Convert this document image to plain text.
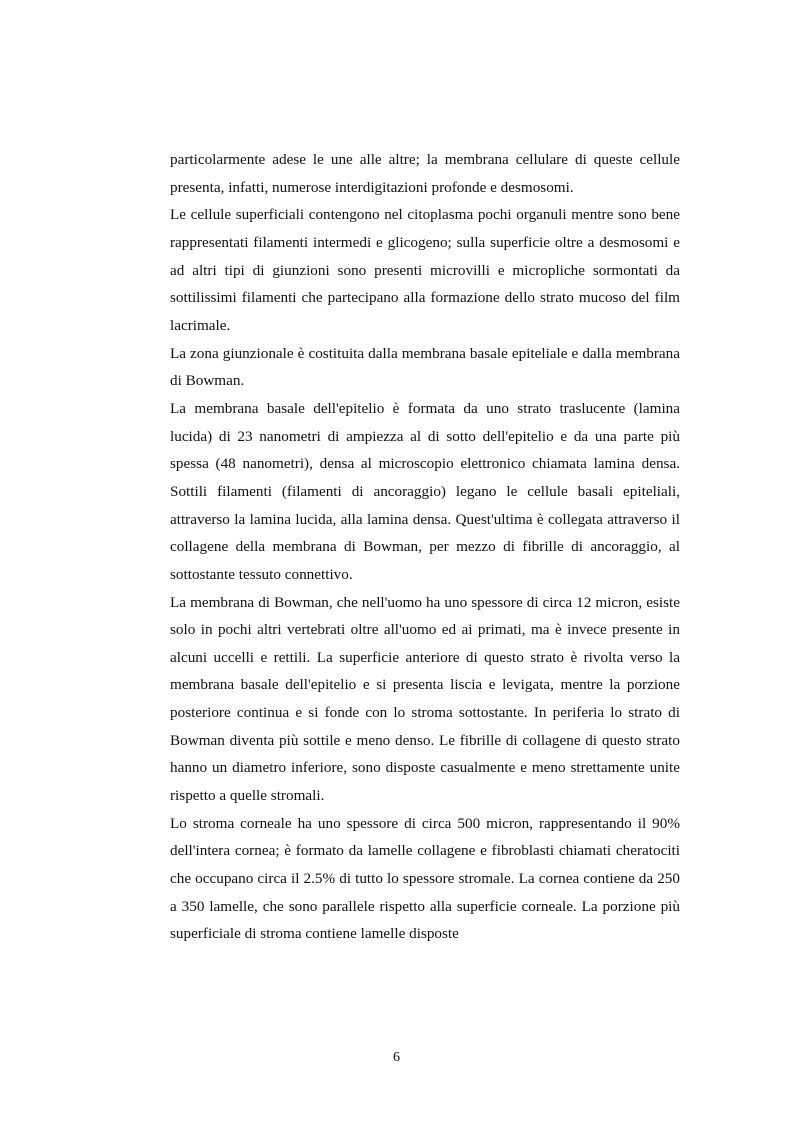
particolarmente adese le une alle altre; la membrana cellulare di queste cellule presenta, infatti, numerose interdigitazioni profonde e desmosomi.

Le cellule superficiali contengono nel citoplasma pochi organuli mentre sono bene rappresentati filamenti intermedi e glicogeno; sulla superficie oltre a desmosomi e ad altri tipi di giunzioni sono presenti microvilli e micropliche sormontati da sottilissimi filamenti che partecipano alla formazione dello strato mucoso del film lacrimale.

La zona giunzionale è costituita dalla membrana basale epiteliale e dalla membrana di Bowman.

La membrana basale dell'epitelio è formata da uno strato traslucente (lamina lucida) di 23 nanometri di ampiezza al di sotto dell'epitelio e da una parte più spessa (48 nanometri), densa al microscopio elettronico chiamata lamina densa. Sottili filamenti (filamenti di ancoraggio) legano le cellule basali epiteliali, attraverso la lamina lucida, alla lamina densa. Quest'ultima è collegata attraverso il collagene della membrana di Bowman, per mezzo di fibrille di ancoraggio, al sottostante tessuto connettivo.

La membrana di Bowman, che nell'uomo ha uno spessore di circa 12 micron, esiste solo in pochi altri vertebrati oltre all'uomo ed ai primati, ma è invece presente in alcuni uccelli e rettili. La superficie anteriore di questo strato è rivolta verso la membrana basale dell'epitelio e si presenta liscia e levigata, mentre la porzione posteriore continua e si fonde con lo stroma sottostante. In periferia lo strato di Bowman diventa più sottile e meno denso. Le fibrille di collagene di questo strato hanno un diametro inferiore, sono disposte casualmente e meno strettamente unite rispetto a quelle stromali.

Lo stroma corneale ha uno spessore di circa 500 micron, rappresentando il 90% dell'intera cornea; è formato da lamelle collagene e fibroblasti chiamati cheratociti che occupano circa il 2.5% di tutto lo spessore stromale. La cornea contiene da 250 a 350 lamelle, che sono parallele rispetto alla superficie corneale. La porzione più superficiale di stroma contiene lamelle disposte

6
